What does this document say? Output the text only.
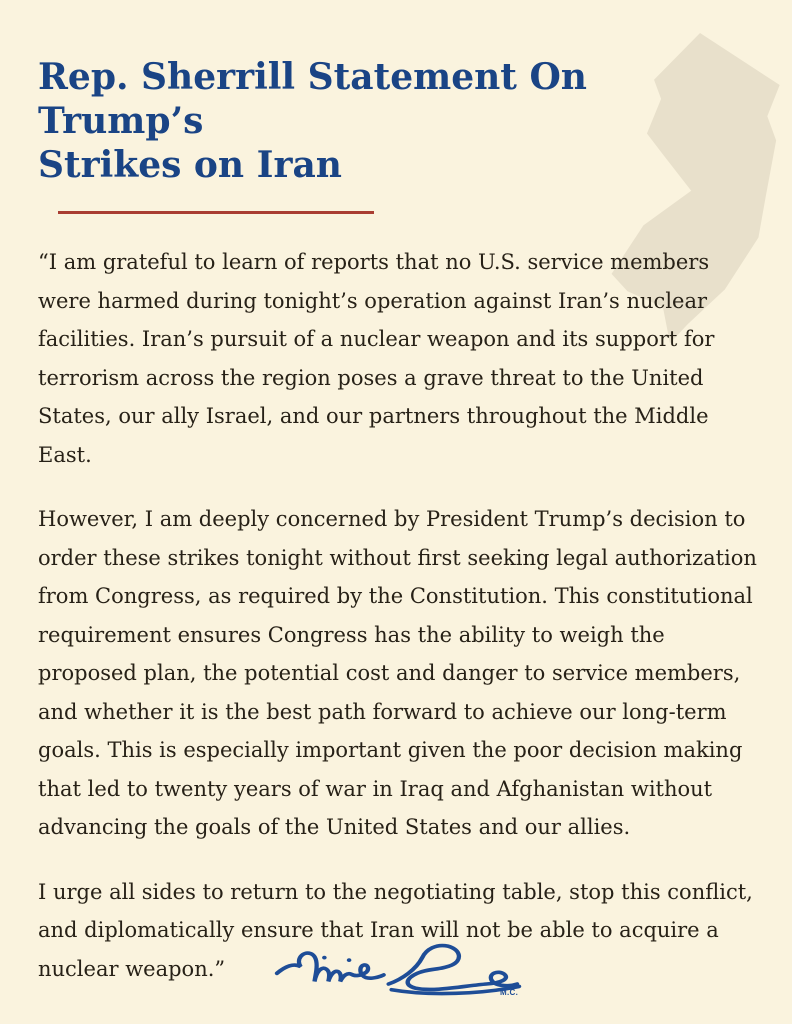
Rep. Sherrill Statement On Trump’s
Strikes on Iran

“I am grateful to learn of reports that no U.S. service members were harmed during tonight’s operation against Iran’s nuclear facilities. Iran’s pursuit of a nuclear weapon and its support for terrorism across the region poses a grave threat to the United States, our ally Israel, and our partners throughout the Middle East.

However, I am deeply concerned by President Trump’s decision to order these strikes tonight without first seeking legal authorization from Congress, as required by the Constitution. This constitutional requirement ensures Congress has the ability to weigh the proposed plan, the potential cost and danger to service members, and whether it is the best path forward to achieve our long-term goals. This is especially important given the poor decision making that led to twenty years of war in Iraq and Afghanistan without advancing the goals of the United States and our allies.

I urge all sides to return to the negotiating table, stop this conflict, and diplomatically ensure that Iran will not be able to acquire a nuclear weapon.”

M.C.
